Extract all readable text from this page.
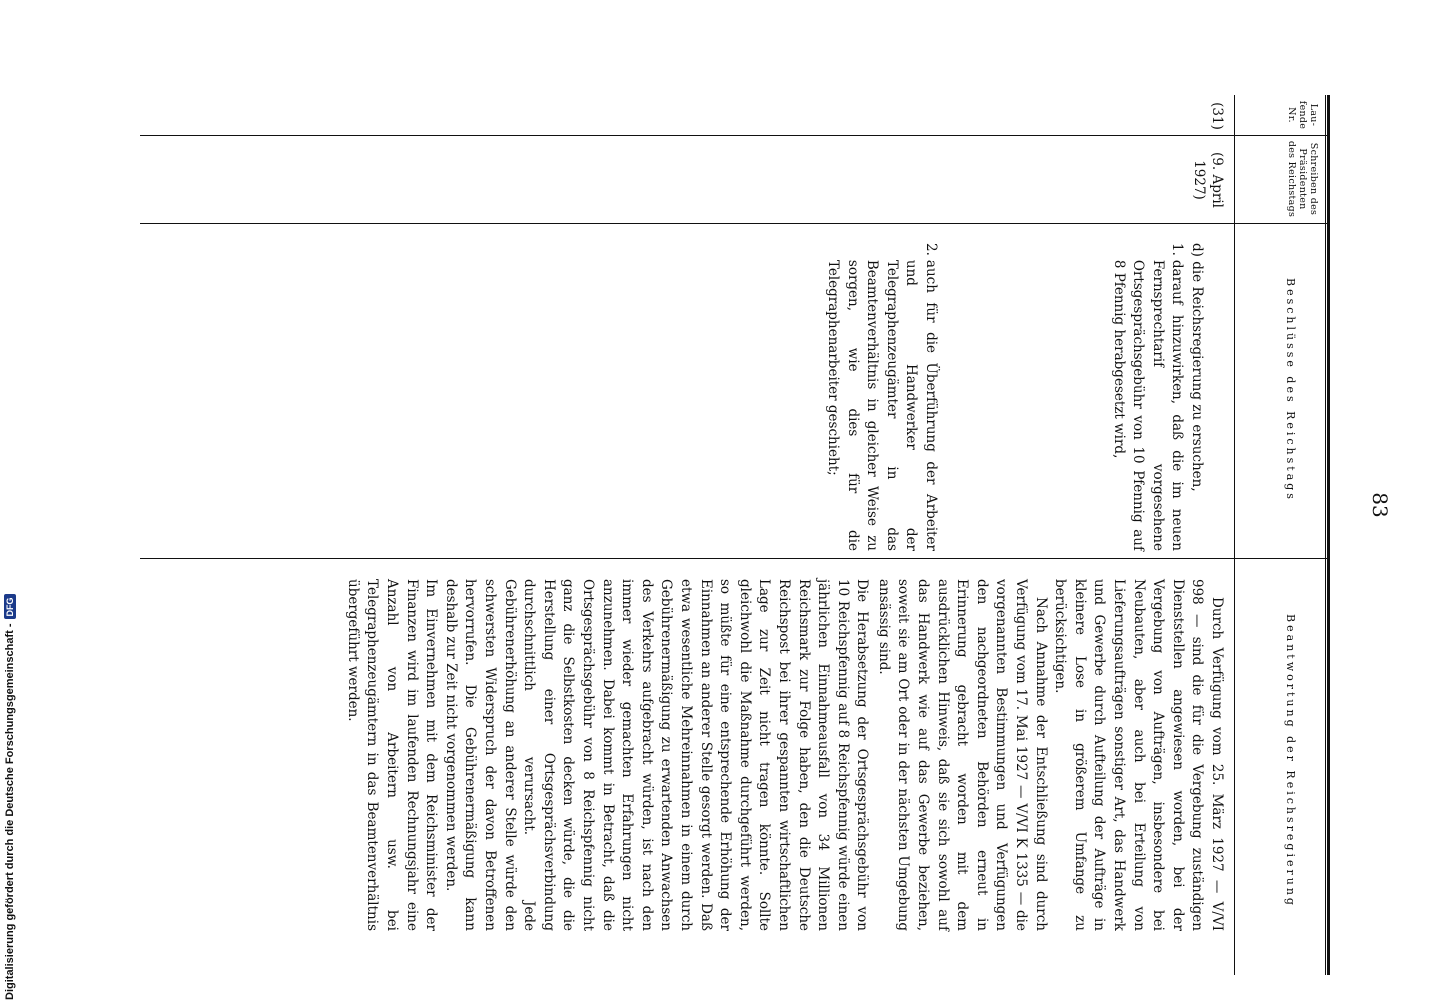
Digitalisierung gefördert durch die Deutsche Forschungsgemeinschaft -
DFG
83
Lau-fende Nr.
Schreiben des Präsidenten des Reichstags
Beschlüsse des Reichstags
Beantwortung der Reichsregierung
(31)
(9. April 1927)

d) die Reichsregierung zu ersuchen,

1.
darauf hinzuwirken, daß die im neuen Fernsprechtarif vorgesehene Ortsgesprächsgebühr von 10 Pfennig auf 8 Pfennig herabgesetzt wird,
2.
auch für die Überführung der Arbeiter und Handwerker der Telegraphenzeugämter in das Beamtenverhältnis in gleicher Weise zu sorgen, wie dies für die Telegraphenarbeiter geschieht;

Durch Verfügung vom 25. März 1927 — V/VI 998 — sind die für die Vergebung zuständigen Dienststellen angewiesen worden, bei der Vergebung von Aufträgen, insbesondere bei Neubauten, aber auch bei Erteilung von Lieferungsaufträgen sonstiger Art, das Handwerk und Gewerbe durch Aufteilung der Aufträge in kleinere Lose in größerem Umfange zu berücksichtigen.

Nach Annahme der Entschließung sind durch Verfügung vom 17. Mai 1927 — V/VI K 1335 — die vorgenannten Bestimmungen und Verfügungen den nachgeordneten Behörden erneut in Erinnerung gebracht worden mit dem ausdrücklichen Hinweis, daß sie sich sowohl auf das Handwerk wie auf das Gewerbe beziehen, soweit sie am Ort oder in der nächsten Umgebung ansässig sind.

Die Herabsetzung der Ortsgesprächsgebühr von 10 Reichspfennig auf 8 Reichspfennig würde einen jährlichen Einnahmeausfall von 34 Millionen Reichsmark zur Folge haben, den die Deutsche Reichspost bei ihrer gespannten wirtschaftlichen Lage zur Zeit nicht tragen könnte. Sollte gleichwohl die Maßnahme durchgeführt werden, so müßte für eine entsprechende Erhöhung der Einnahmen an anderer Stelle gesorgt werden. Daß etwa wesentliche Mehreinnahmen in einem durch Gebührenermäßigung zu erwartenden Anwachsen des Verkehrs aufgebracht würden, ist nach den immer wieder gemachten Erfahrungen nicht anzunehmen. Dabei kommt in Betracht, daß die Ortsgesprächsgebühr von 8 Reichspfennig nicht ganz die Selbstkosten decken würde, die die Herstellung einer Ortsgesprächsverbindung durchschnittlich verursacht. Jede Gebührenerhöhung an anderer Stelle würde den schwersten Widerspruch der davon Betroffenen hervorrufen. Die Gebührenermäßigung kann deshalb zur Zeit nicht vorgenommen werden.

Im Einvernehmen mit dem Reichsminister der Finanzen wird im laufenden Rechnungsjahr eine Anzahl von Arbeitern usw. bei Telegraphenzeugämtern in das Beamtenverhältnis übergeführt werden.
